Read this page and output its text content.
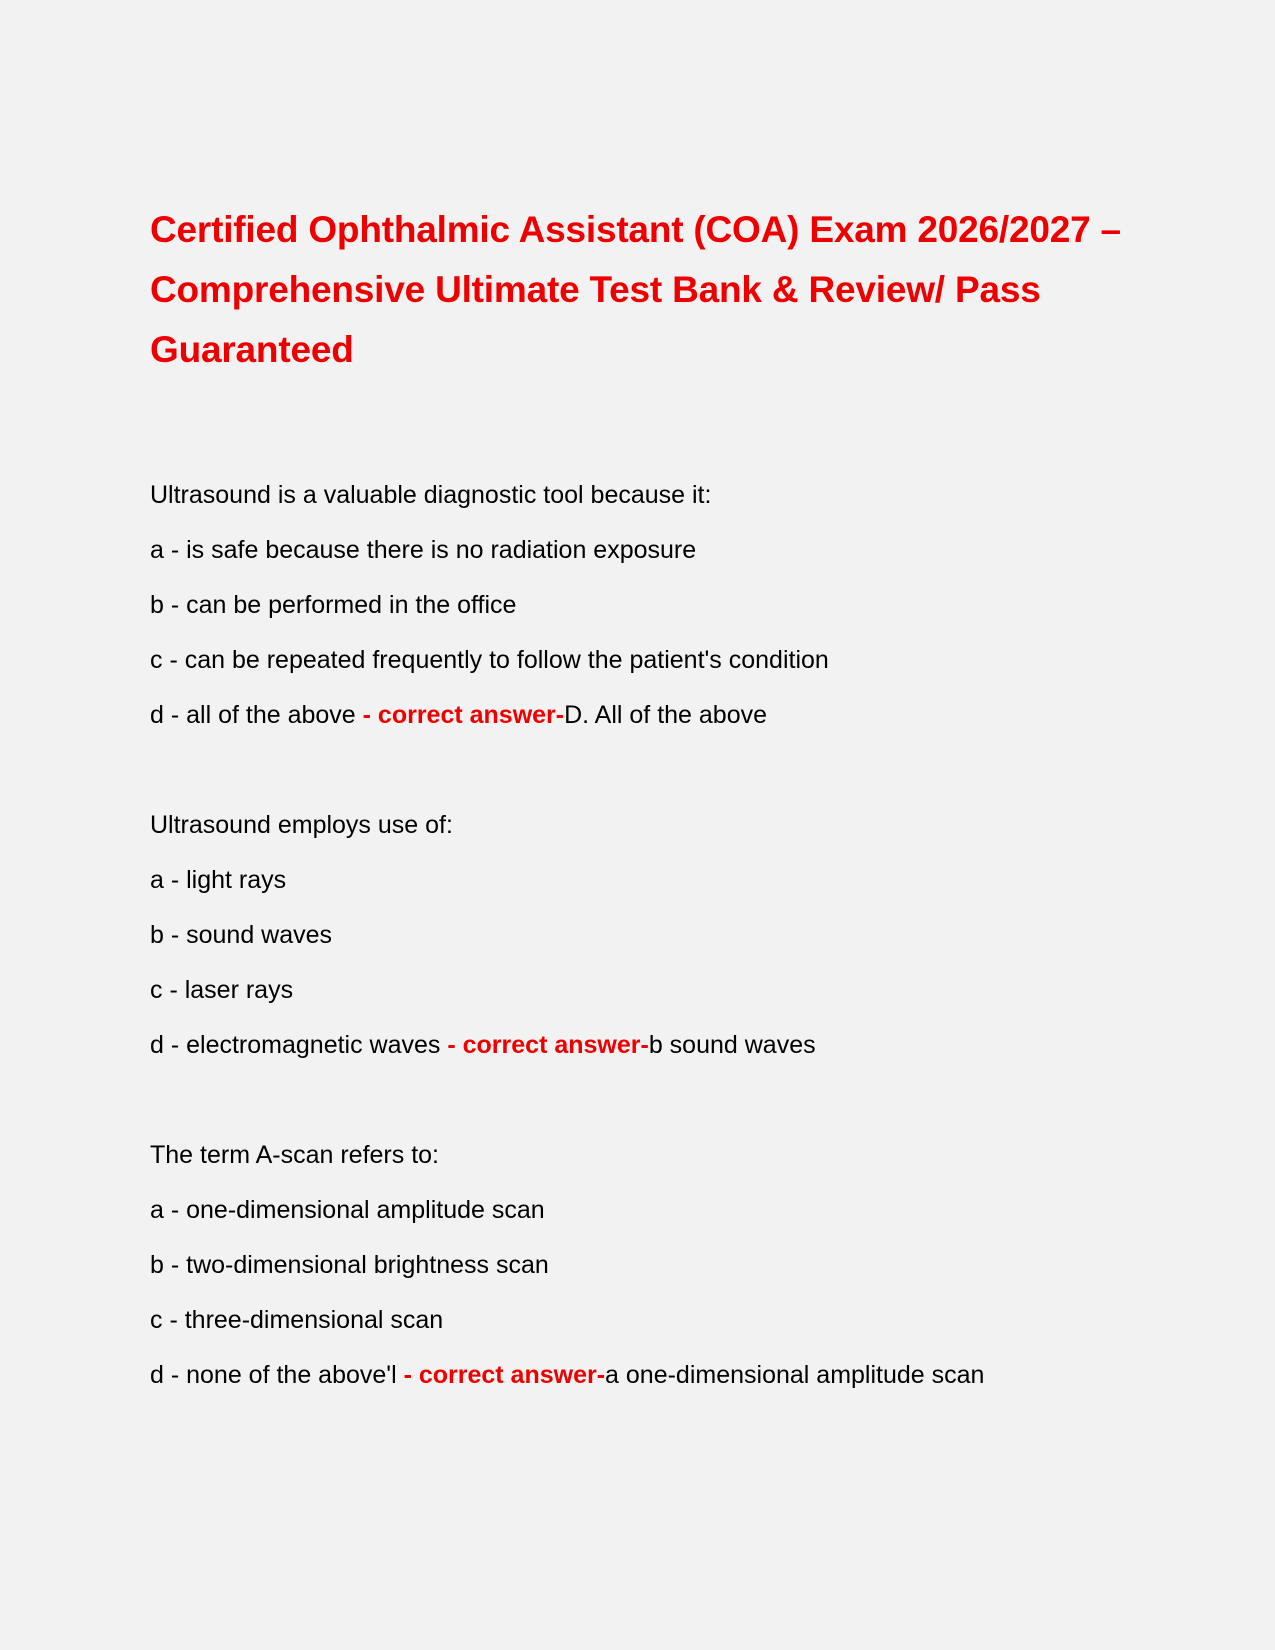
Certified Ophthalmic Assistant (COA) Exam 2026/2027 – Comprehensive Ultimate Test Bank & Review/ Pass Guaranteed
Ultrasound is a valuable diagnostic tool because it:
a - is safe because there is no radiation exposure
b - can be performed in the office
c - can be repeated frequently to follow the patient's condition
d - all of the above - correct answer-D. All of the above
Ultrasound employs use of:
a - light rays
b - sound waves
c - laser rays
d - electromagnetic waves - correct answer-b sound waves
The term A-scan refers to:
a - one-dimensional amplitude scan
b - two-dimensional brightness scan
c - three-dimensional scan
d - none of the above'l - correct answer-a one-dimensional amplitude scan
